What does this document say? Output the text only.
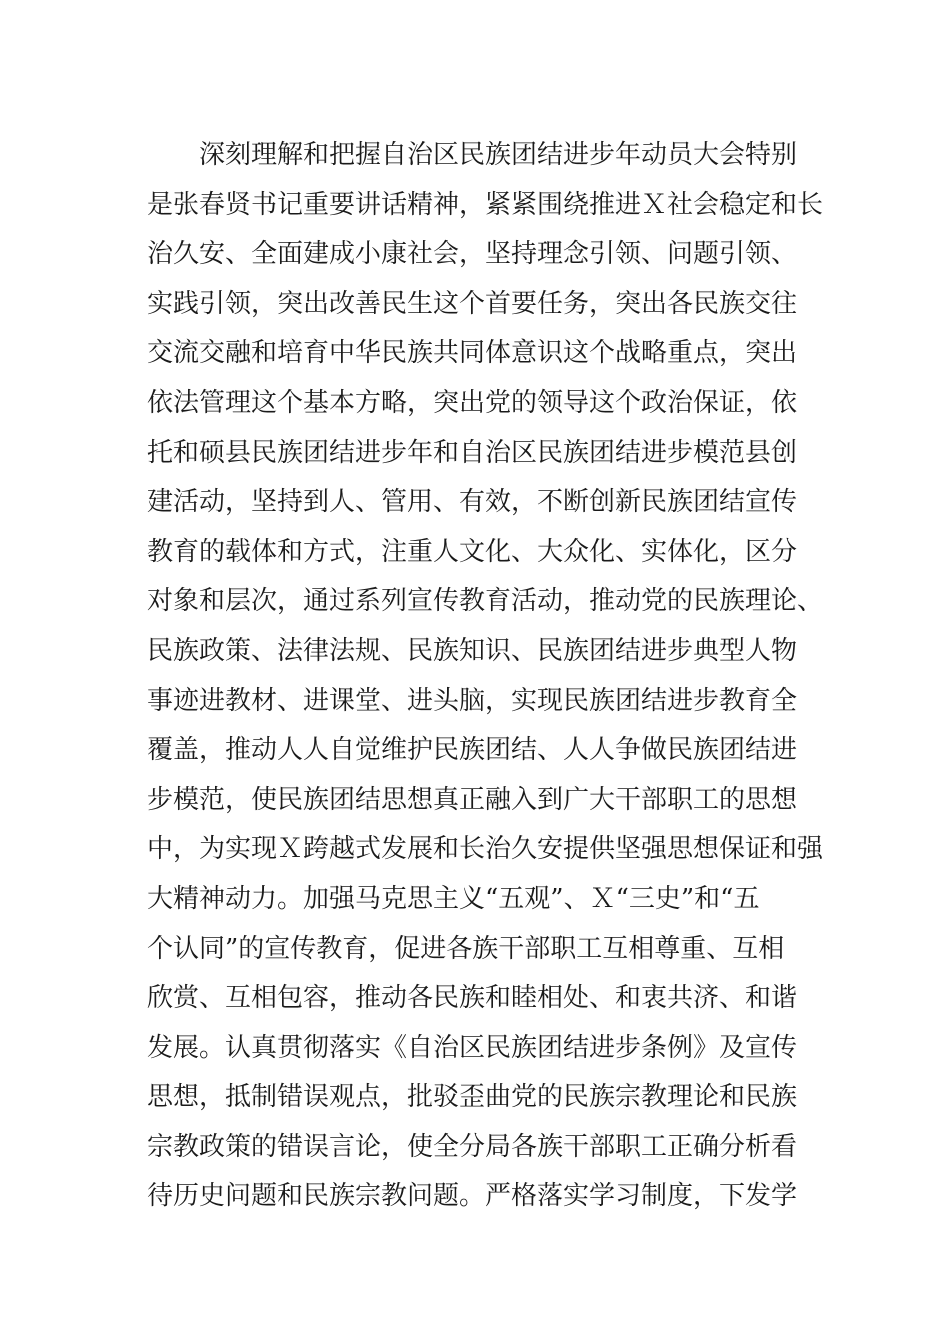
深刻理解和把握自治区民族团结进步年动员大会特别
是张春贤书记重要讲话精神，紧紧围绕推进Ｘ社会稳定和长
治久安、全面建成小康社会，坚持理念引领、问题引领、
实践引领，突出改善民生这个首要任务，突出各民族交往
交流交融和培育中华民族共同体意识这个战略重点，突出
依法管理这个基本方略，突出党的领导这个政治保证，依
托和硕县民族团结进步年和自治区民族团结进步模范县创
建活动，坚持到人、管用、有效，不断创新民族团结宣传
教育的载体和方式，注重人文化、大众化、实体化，区分
对象和层次，通过系列宣传教育活动，推动党的民族理论、
民族政策、法律法规、民族知识、民族团结进步典型人物
事迹进教材、进课堂、进头脑，实现民族团结进步教育全
覆盖，推动人人自觉维护民族团结、人人争做民族团结进
步模范，使民族团结思想真正融入到广大干部职工的思想
中，为实现Ｘ跨越式发展和长治久安提供坚强思想保证和强
大精神动力。加强马克思主义“五观”、Ｘ“三史”和“五
个认同”的宣传教育，促进各族干部职工互相尊重、互相
欣赏、互相包容，推动各民族和睦相处、和衷共济、和谐
发展。认真贯彻落实《自治区民族团结进步条例》及宣传
思想，抵制错误观点，批驳歪曲党的民族宗教理论和民族
宗教政策的错误言论，使全分局各族干部职工正确分析看
待历史问题和民族宗教问题。严格落实学习制度，下发学
